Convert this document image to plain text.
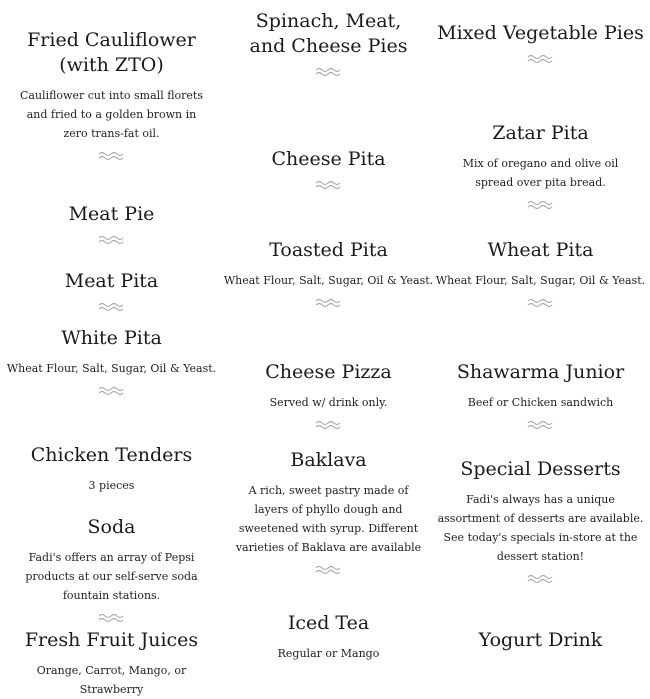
Fried Cauliflower (with ZTO)

Cauliflower cut into small florets and fried to a golden brown in zero trans-fat oil.

Meat Pie
Meat Pita
White Pita

Wheat Flour, Salt, Sugar, Oil & Yeast.

Chicken Tenders

3 pieces

Soda

Fadi's offers an array of Pepsi products at our self-serve soda fountain stations.

Fresh Fruit Juices

Orange, Carrot, Mango, or Strawberry

Spinach, Meat, and Cheese Pies
Cheese Pita
Toasted Pita

Wheat Flour, Salt, Sugar, Oil & Yeast.

Cheese Pizza

Served w/ drink only.

Baklava

A rich, sweet pastry made of layers of phyllo dough and sweetened with syrup. Different varieties of Baklava are available

Iced Tea

Regular or Mango

Mixed Vegetable Pies
Zatar Pita

Mix of oregano and olive oil spread over pita bread.

Wheat Pita

Wheat Flour, Salt, Sugar, Oil & Yeast.

Shawarma Junior

Beef or Chicken sandwich

Special Desserts

Fadi's always has a unique assortment of desserts are available. See today's specials in-store at the dessert station!

Yogurt Drink
